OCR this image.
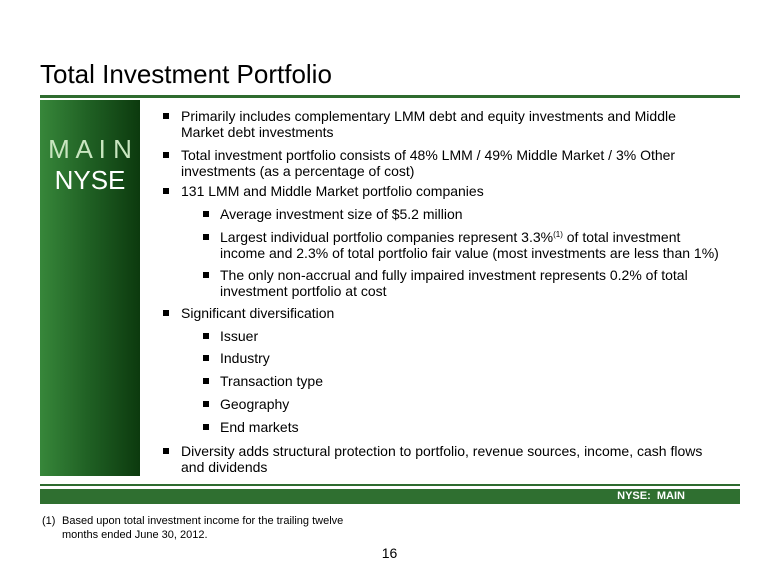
Total Investment Portfolio
M A I N
NYSE
Primarily includes complementary LMM debt and equity investments and Middle
Market debt investments
Total investment portfolio consists of 48% LMM / 49% Middle Market / 3% Other
investments (as a percentage of cost)
131 LMM and Middle Market portfolio companies
Average investment size of $5.2 million
Largest individual portfolio companies represent 3.3%$^{(1)}$ of total investment
income and 2.3% of total portfolio fair value (most investments are less than 1%)
The only non-accrual and fully impaired investment represents 0.2% of total
investment portfolio at cost
Significant diversification
Issuer
Industry
Transaction type
Geography
End markets
Diversity adds structural protection to portfolio, revenue sources, income, cash flows
and dividends
NYSE:  MAIN
(1) Based upon total investment income for the trailing twelve
months ended June 30, 2012.
16
